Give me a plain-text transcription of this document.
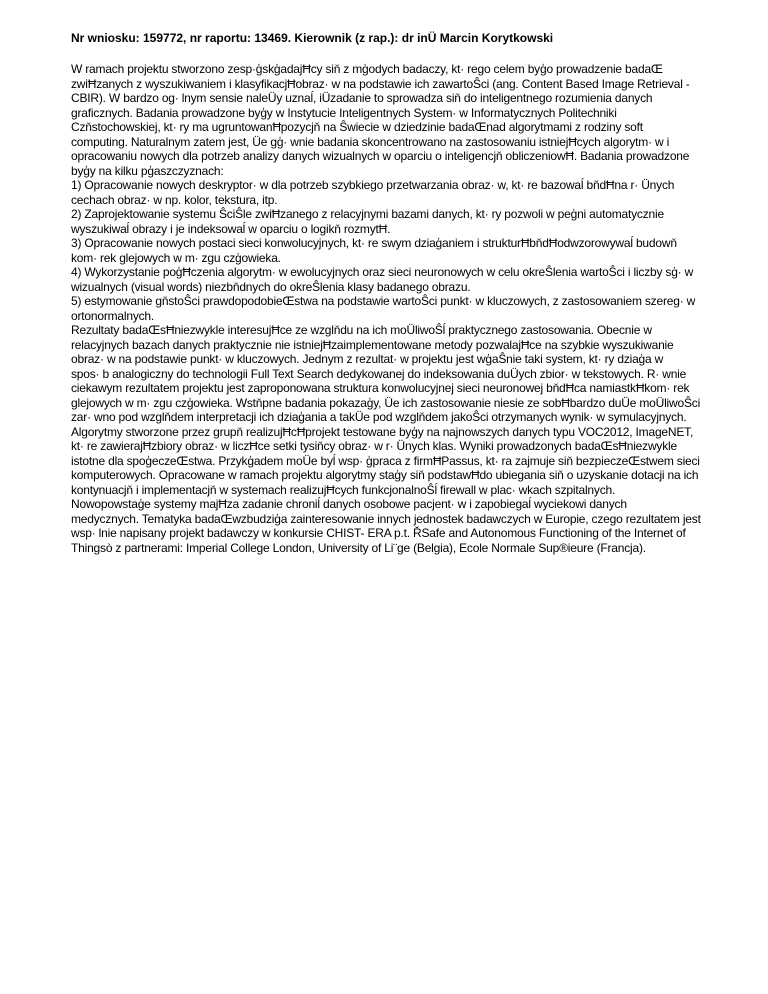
Nr wniosku: 159772, nr raportu: 13469. Kierownik (z rap.): dr inÜ Marcin Korytkowski
W ramach projektu stworzono zesp·ģskģadajĦcy siň z mģodych badaczy, kt· rego celem byģo prowadzenie badaŒ
zwiĦzanych z wyszukiwaniem i klasyfikacjĦobraz· w na podstawie ich zawartoŜci (ang. Content Based Image Retrieval -
CBIR). W bardzo og· lnym sensie naleÜy uznaĺ, iÜzadanie to sprowadza siň do inteligentnego rozumienia danych
graficznych. Badania prowadzone byģy w Instytucie Inteligentnych System· w Informatycznych Politechniki
Czňstochowskiej, kt· ry ma ugruntowanĦpozycjň na Ŝwiecie w dziedzinie badaŒnad algorytmami z rodziny soft
computing. Naturalnym zatem jest, Üe gģ· wnie badania skoncentrowano na zastosowaniu istniejĦcych algorytm· w i
opracowaniu nowych dla potrzeb analizy danych wizualnych w oparciu o inteligencjň obliczeniowĦ. Badania prowadzone
byģy na kilku pģaszczyznach:
1) Opracowanie nowych deskryptor· w dla potrzeb szybkiego przetwarzania obraz· w, kt· re bazowaĺ bňdĦna r· Ünych
cechach obraz· w np. kolor, tekstura, itp.
2) Zaprojektowanie systemu ŜciŜle zwiĦzanego z relacyjnymi bazami danych, kt· ry pozwoli w peģni automatycznie
wyszukiwaĺ obrazy i je indeksowaĺ w oparciu o logikň rozmytĦ.
3) Opracowanie nowych postaci sieci konwolucyjnych, kt· re swym dziaģaniem i strukturĦbňdĦodwzorowywaĺ budowň
kom· rek glejowych w m· zgu czģowieka.
4) Wykorzystanie poģĦczenia algorytm· w ewolucyjnych oraz sieci neuronowych w celu okreŜlenia wartoŜci i liczby sģ· w
wizualnych (visual words) niezbňdnych do okreŜlenia klasy badanego obrazu.
5) estymowanie gňstoŜci prawdopodobieŒstwa na podstawie wartoŜci punkt· w kluczowych, z zastosowaniem szereg· w
ortonormalnych.
Rezultaty badaŒsĦniezwykle interesujĦce ze wzglňdu na ich moÜliwoŜĺ praktycznego zastosowania. Obecnie w
relacyjnych bazach danych praktycznie nie istniejĦzaimplementowane metody pozwalajĦce na szybkie wyszukiwanie
obraz· w na podstawie punkt· w kluczowych. Jednym z rezultat· w projektu jest wģaŜnie taki system, kt· ry dziaģa w
spos· b analogiczny do technologii Full Text Search dedykowanej do indeksowania duÜych zbior· w tekstowych. R· wnie
ciekawym rezultatem projektu jest zaproponowana struktura konwolucyjnej sieci neuronowej bňdĦca namiastkĦkom· rek
glejowych w m· zgu czģowieka. Wstňpne badania pokazaģy, Üe ich zastosowanie niesie ze sobĦbardzo duÜe moÜliwoŜci
zar· wno pod wzglňdem interpretacji ich dziaģania a takÜe pod wzglňdem jakoŜci otrzymanych wynik· w symulacyjnych.
Algorytmy stworzone przez grupň realizujĦcĦprojekt testowane byģy na najnowszych danych typu VOC2012, ImageNET,
kt· re zawierajĦzbiory obraz· w liczĦce setki tysiňcy obraz· w r· Ünych klas. Wyniki prowadzonych badaŒsĦniezwykle
istotne dla spoģeczeŒstwa. Przykģadem moÜe byĺ wsp· ģpraca z firmĦPassus, kt· ra zajmuje siň bezpieczeŒstwem sieci
komputerowych. Opracowane w ramach projektu algorytmy staģy siň podstawĦdo ubiegania siň o uzyskanie dotacji na ich
kontynuacjň i implementacjň w systemach realizujĦcych funkcjonalnoŜĺ firewall w plac· wkach szpitalnych.
Nowopowstaģe systemy majĦza zadanie chroniĺ danych osobowe pacjent· w i zapobiegaĺ wyciekowi danych
medycznych. Tematyka badaŒwzbudziģa zainteresowanie innych jednostek badawczych w Europie, czego rezultatem jest
wsp· lnie napisany projekt badawczy w konkursie CHIST- ERA p.t. ŘSafe and Autonomous Functioning of the Internet of
Thingsò z partnerami: Imperial College London, University of Li¨ge (Belgia), Ecole Normale Sup®ieure (Francja).
